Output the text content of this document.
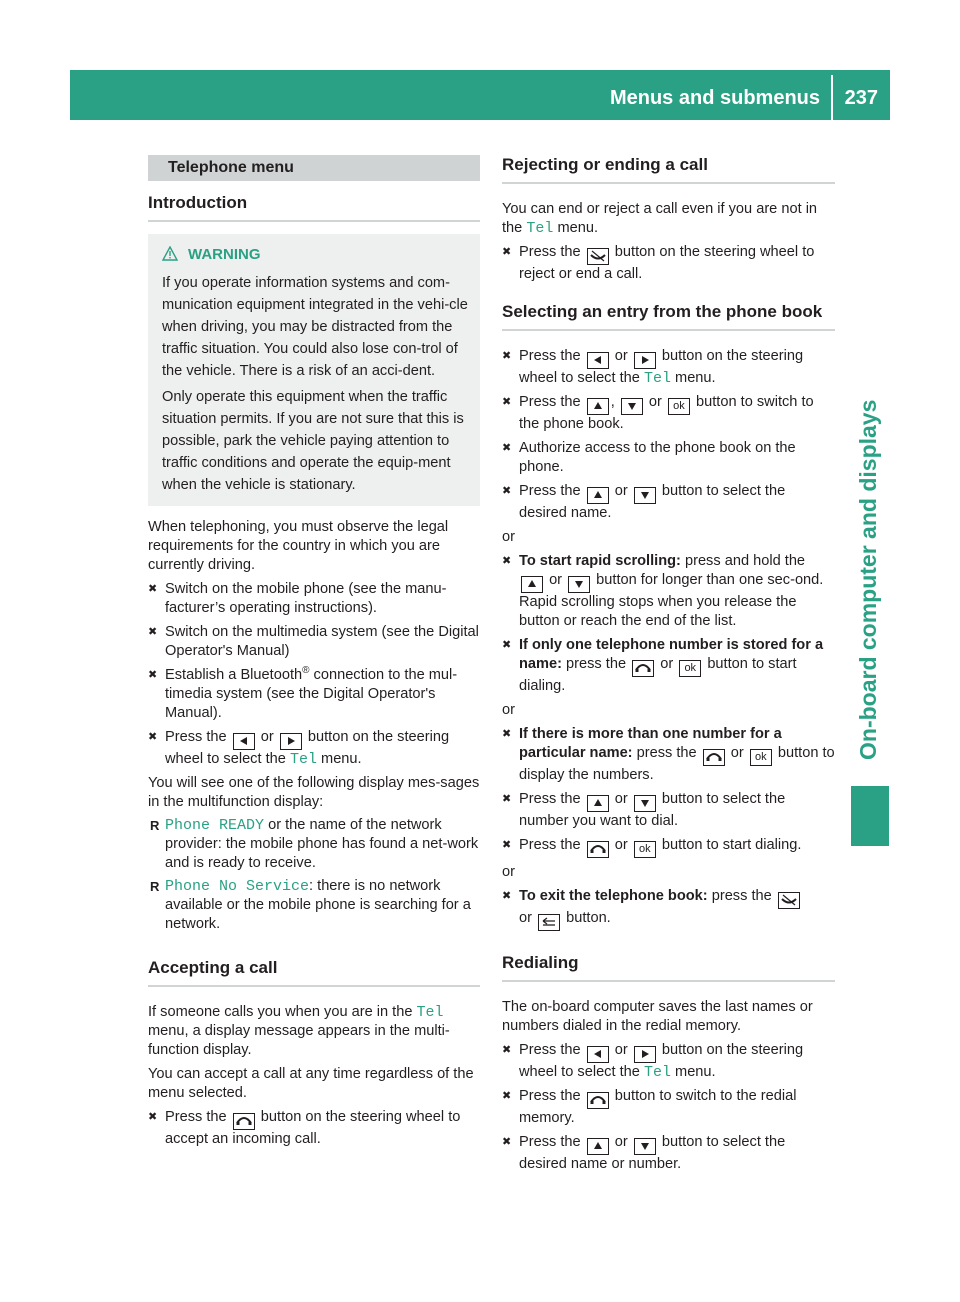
Menus and submenus 237
On-board computer and displays
Telephone menu
Introduction
WARNING

If you operate information systems and com-munication equipment integrated in the vehi-cle when driving, you may be distracted from the traffic situation. You could also lose con-trol of the vehicle. There is a risk of an acci-dent.

Only operate this equipment when the traffic situation permits. If you are not sure that this is possible, park the vehicle paying attention to traffic conditions and operate the equip-ment when the vehicle is stationary.

When telephoning, you must observe the legal requirements for the country in which you are currently driving.

✖ Switch on the mobile phone (see the manu-facturer’s operating instructions).
✖ Switch on the multimedia system (see the Digital Operator's Manual)
✖ Establish a Bluetooth® connection to the mul-timedia system (see the Digital Operator's Manual).
✖ Press the or button on the steering wheel to select the Tel menu.

You will see one of the following display mes-sages in the multifunction display:

R Phone READY or the name of the network provider: the mobile phone has found a net-work and is ready to receive.
R Phone No Service: there is no network available or the mobile phone is searching for a network.
Accepting a call

If someone calls you when you are in the Tel menu, a display message appears in the multi-function display.

You can accept a call at any time regardless of the menu selected.

✖ Press the button on the steering wheel to accept an incoming call.
Rejecting or ending a call

You can end or reject a call even if you are not in the Tel menu.

✖ Press the button on the steering wheel to reject or end a call.
Selecting an entry from the phone book
✖ Press the or button on the steering wheel to select the Tel menu.
✖ Press the , or ok button to switch to the phone book.
✖ Authorize access to the phone book on the phone.
✖ Press the or button to select the desired name.

or

✖ To start rapid scrolling: press and hold the  or button for longer than one sec-ond.
Rapid scrolling stops when you release the button or reach the end of the list.
✖ If only one telephone number is stored for a name: press the or ok button to start dialing.

or

✖ If there is more than one number for a particular name: press the or ok button to display the numbers.
✖ Press the or button to select the number you want to dial.
✖ Press the or ok button to start dialing.

or

✖ To exit the telephone book: press the
or button.
Redialing

The on-board computer saves the last names or numbers dialed in the redial memory.

✖ Press the or button on the steering wheel to select the Tel menu.
✖ Press the button to switch to the redial memory.
✖ Press the or button to select the desired name or number.
